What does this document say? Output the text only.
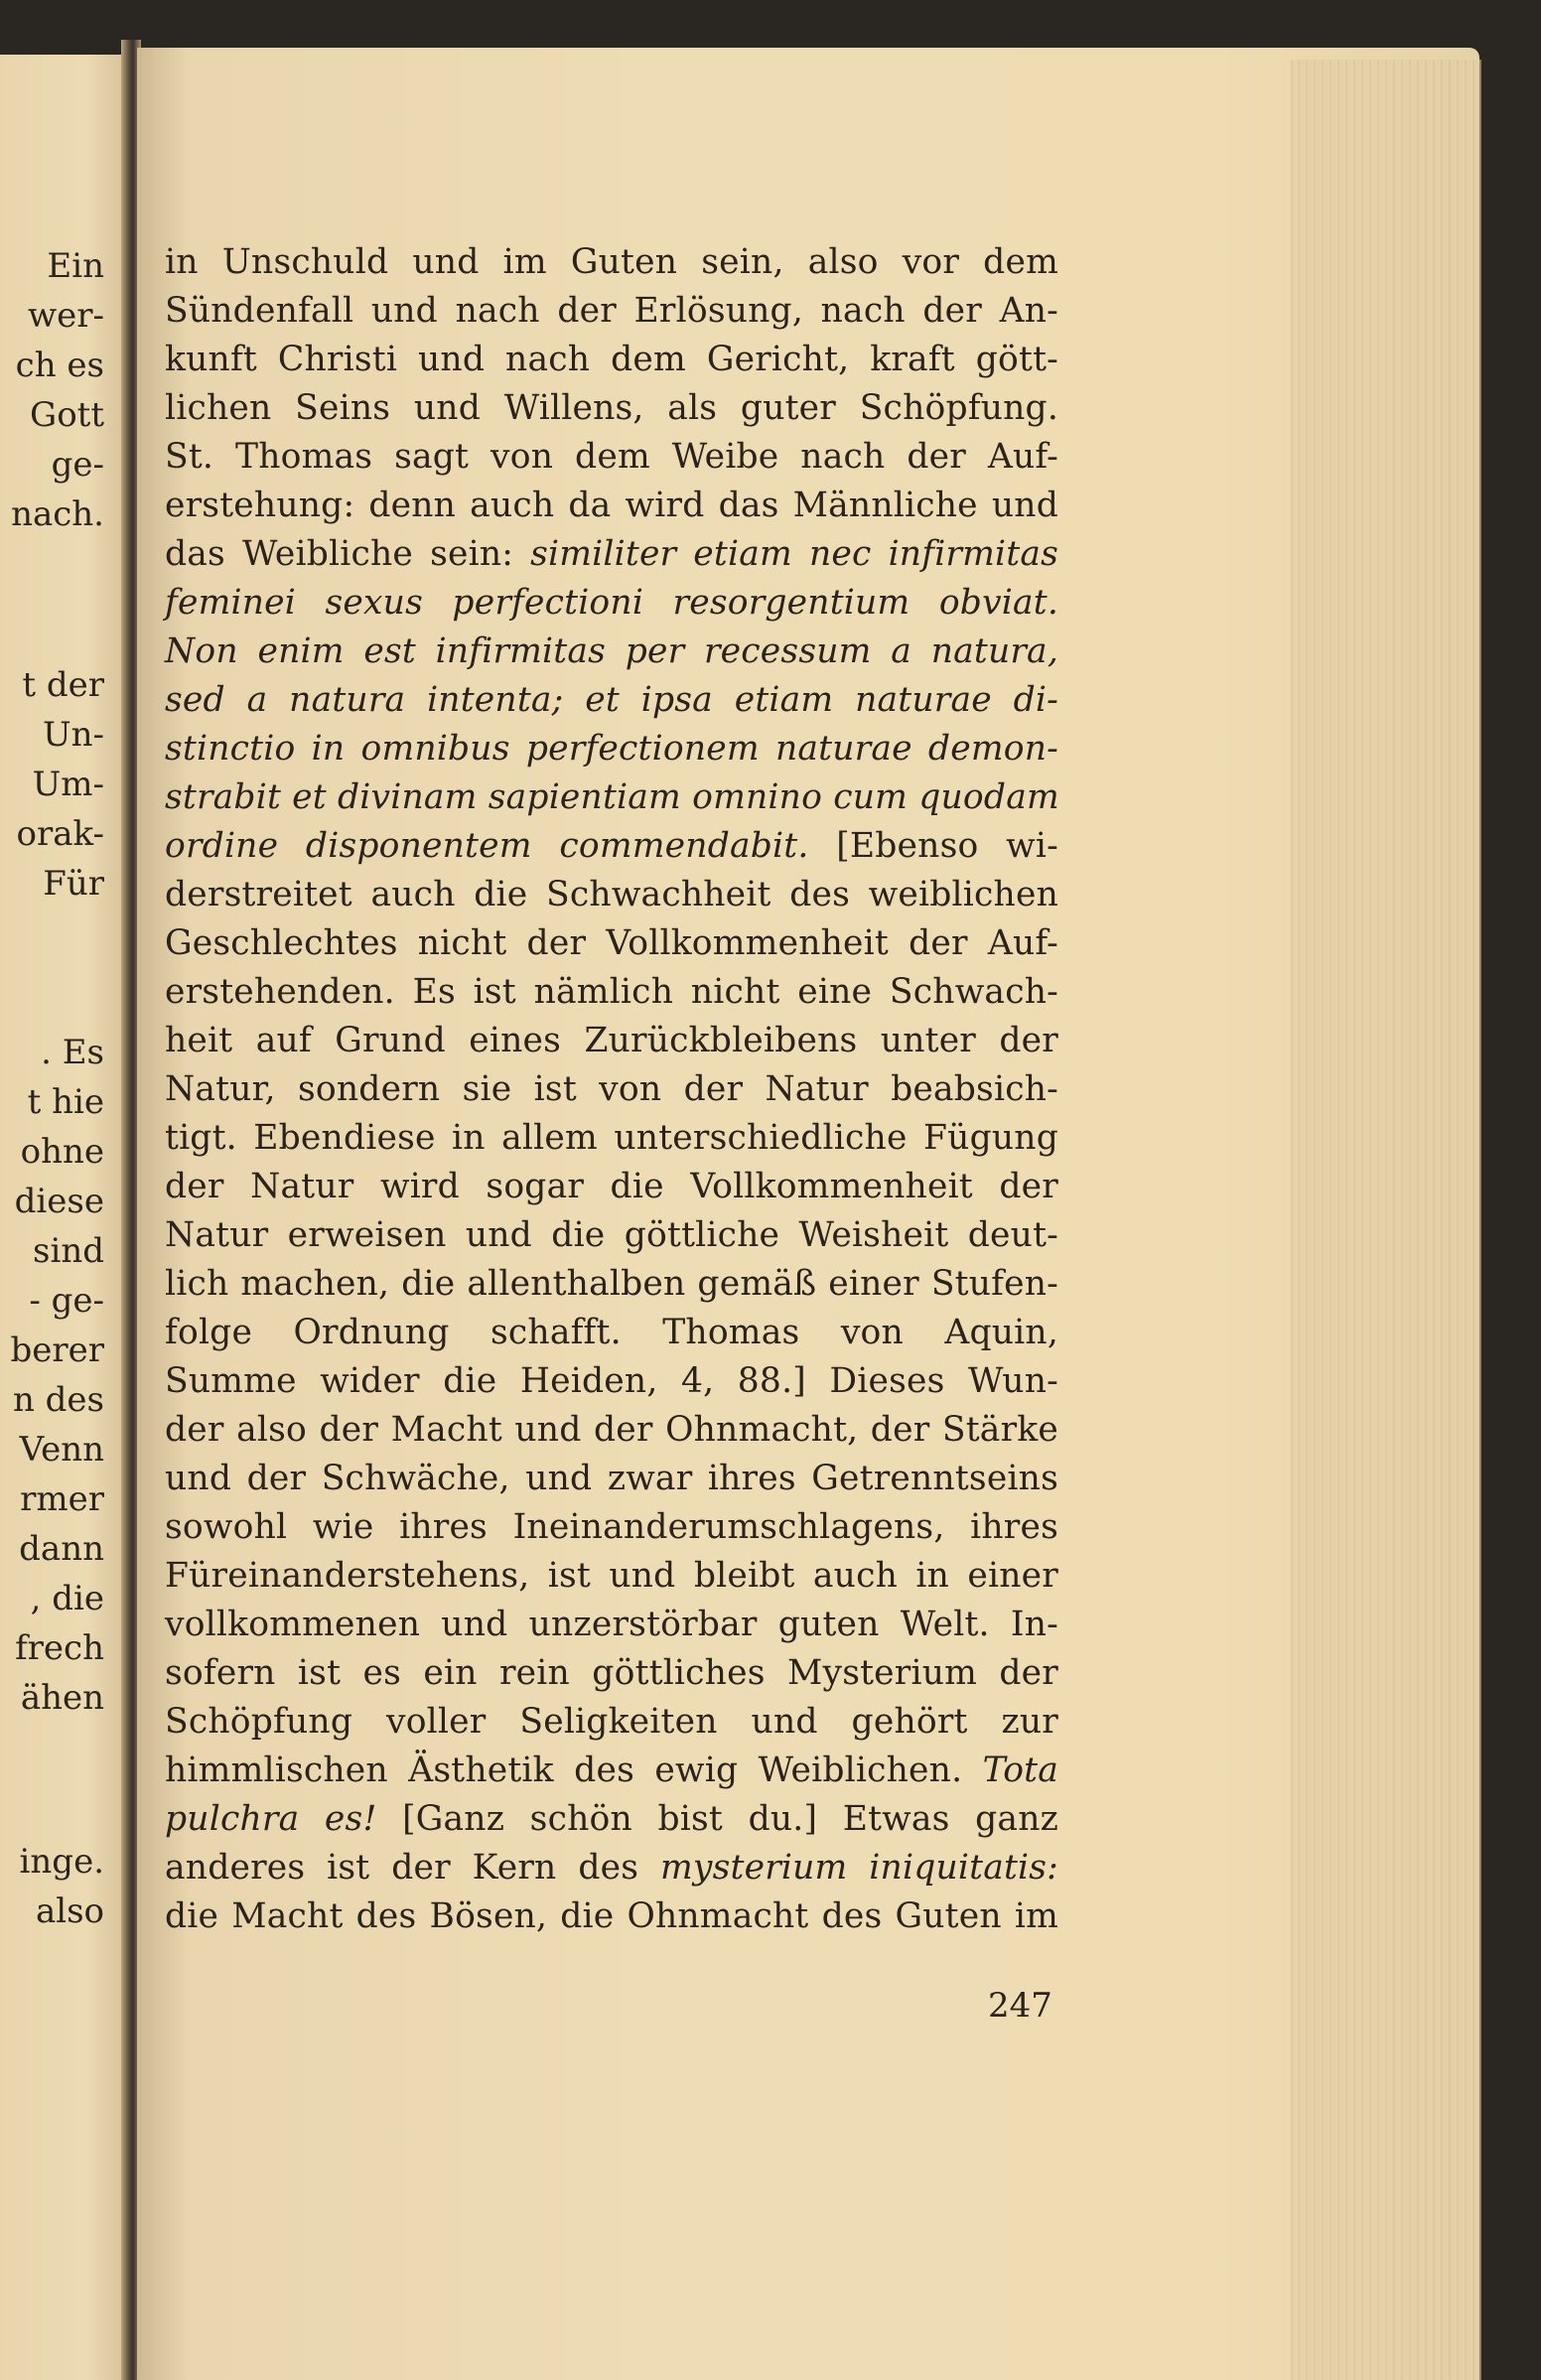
Ein
wer-
ch es
Gott
ge-
nach.
t der
Un-
Um-
orak-
Für
. Es
t hie
ohne
diese
sind
- ge-
berer
n des
Venn
rmer
dann
, die
frech
ähen
inge.
also
in Unschuld und im Guten sein, also vor dem
Sündenfall und nach der Erlösung, nach der An-
kunft Christi und nach dem Gericht, kraft gött-
lichen Seins und Willens, als guter Schöpfung.
St. Thomas sagt von dem Weibe nach der Auf-
erstehung: denn auch da wird das Männliche und
das Weibliche sein: similiter etiam nec infirmitas
feminei sexus perfectioni resorgentium obviat.
Non enim est infirmitas per recessum a natura,
sed a natura intenta; et ipsa etiam naturae di-
stinctio in omnibus perfectionem naturae demon-
strabit et divinam sapientiam omnino cum quodam
ordine disponentem commendabit. [Ebenso wi-
derstreitet auch die Schwachheit des weiblichen
Geschlechtes nicht der Vollkommenheit der Auf-
erstehenden. Es ist nämlich nicht eine Schwach-
heit auf Grund eines Zurückbleibens unter der
Natur, sondern sie ist von der Natur beabsich-
tigt. Ebendiese in allem unterschiedliche Fügung
der Natur wird sogar die Vollkommenheit der
Natur erweisen und die göttliche Weisheit deut-
lich machen, die allenthalben gemäß einer Stufen-
folge Ordnung schafft. Thomas von Aquin,
Summe wider die Heiden, 4, 88.] Dieses Wun-
der also der Macht und der Ohnmacht, der Stärke
und der Schwäche, und zwar ihres Getrenntseins
sowohl wie ihres Ineinanderumschlagens, ihres
Füreinanderstehens, ist und bleibt auch in einer
vollkommenen und unzerstörbar guten Welt. In-
sofern ist es ein rein göttliches Mysterium der
Schöpfung voller Seligkeiten und gehört zur
himmlischen Ästhetik des ewig Weiblichen. Tota
pulchra es! [Ganz schön bist du.] Etwas ganz
anderes ist der Kern des mysterium iniquitatis:
die Macht des Bösen, die Ohnmacht des Guten im
247
